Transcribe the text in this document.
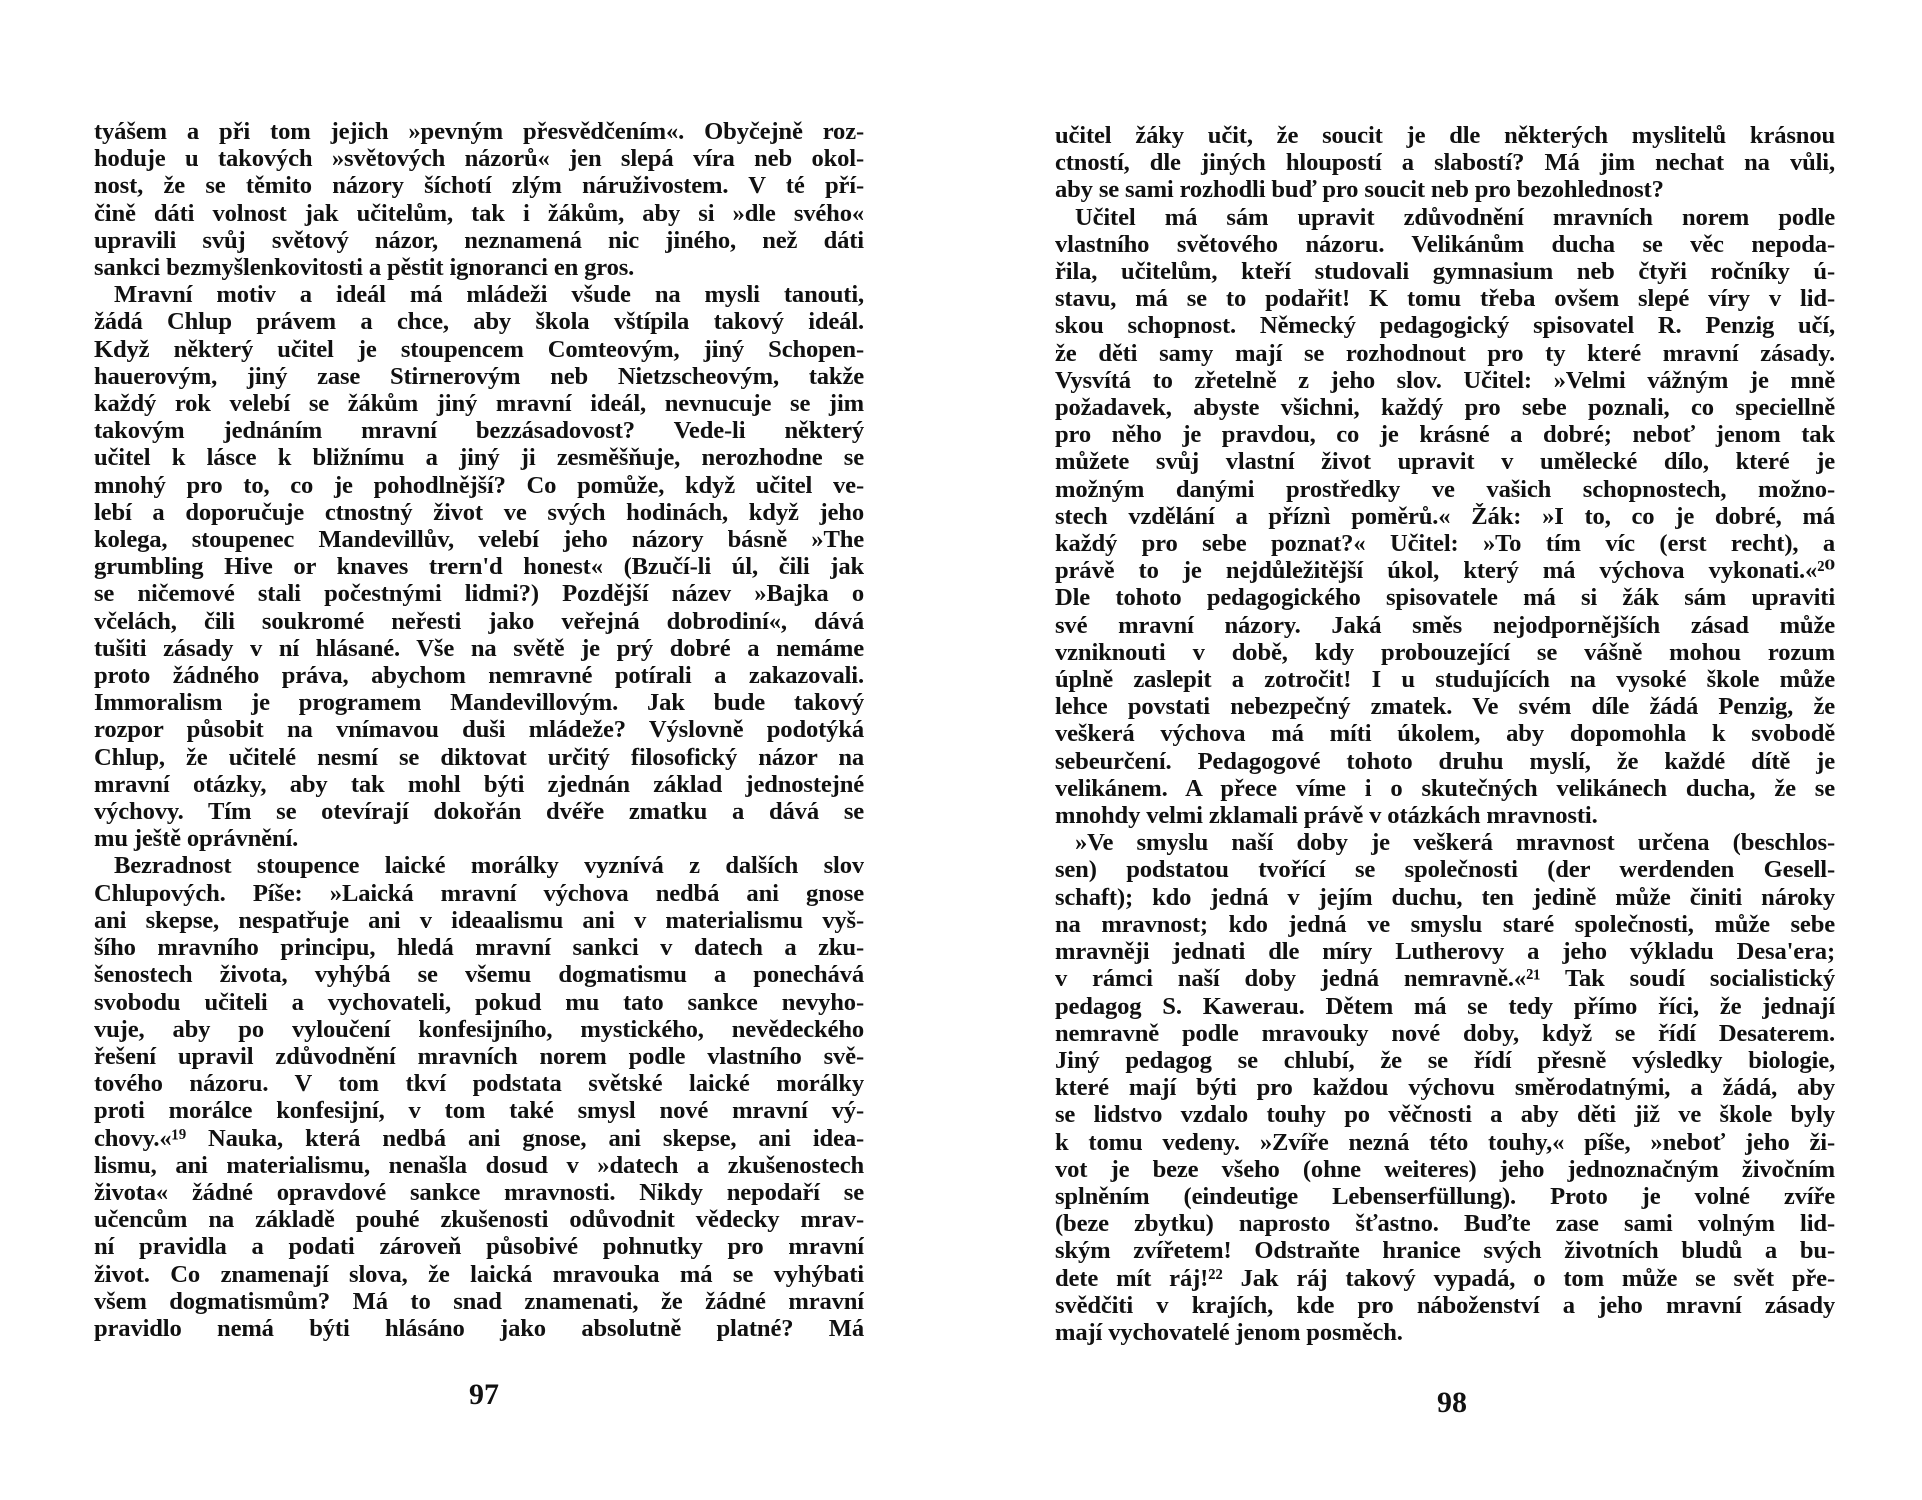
tyášem a při tom jejich »pevným přesvědčením«. Obyčejně roz-
hoduje u takových »světových názorů« jen slepá víra neb okol-
nost, že se těmito názory šíchotí zlým náruživostem. V té pří-
čině dáti volnost jak učitelům, tak i žákům, aby si »dle svého«
upravili svůj světový názor, neznamená nic jiného, než dáti
sankci bezmyšlenkovitosti a pěstit ignoranci en gros.
Mravní motiv a ideál má mládeži všude na mysli tanouti,
žádá Chlup právem a chce, aby škola vštípila takový ideál.
Když některý učitel je stoupencem Comteovým, jiný Schopen-
hauerovým, jiný zase Stirnerovým neb Nietzscheovým, takže
každý rok velebí se žákům jiný mravní ideál, nevnucuje se jim
takovým jednáním mravní bezzásadovost? Vede-li některý
učitel k lásce k bližnímu a jiný ji zesměšňuje, nerozhodne se
mnohý pro to, co je pohodlnější? Co pomůže, když učitel ve-
lebí a doporučuje ctnostný život ve svých hodinách, když jeho
kolega, stoupenec Mandevillův, velebí jeho názory básně »The
grumbling Hive or knaves trern'd honest« (Bzučí-li úl, čili jak
se ničemové stali počestnými lidmi?) Pozdější název »Bajka o
včelách, čili soukromé neřesti jako veřejná dobrodiní«, dává
tušiti zásady v ní hlásané. Vše na světě je prý dobré a nemáme
proto žádného práva, abychom nemravné potírali a zakazovali.
Immoralism je programem Mandevillovým. Jak bude takový
rozpor působit na vnímavou duši mládeže? Výslovně podotýká
Chlup, že učitelé nesmí se diktovat určitý filosofický názor na
mravní otázky, aby tak mohl býti zjednán základ jednostejné
výchovy. Tím se otevírají dokořán dvéře zmatku a dává se
mu ještě oprávnění.
Bezradnost stoupence laické morálky vyznívá z dalších slov
Chlupových. Píše: »Laická mravní výchova nedbá ani gnose
ani skepse, nespatřuje ani v ideaalismu ani v materialismu vyš-
šího mravního principu, hledá mravní sankci v datech a zku-
šenostech života, vyhýbá se všemu dogmatismu a ponechává
svobodu učiteli a vychovateli, pokud mu tato sankce nevyho-
vuje, aby po vyloučení konfesijního, mystického, nevědeckého
řešení upravil zdůvodnění mravních norem podle vlastního svě-
tového názoru. V tom tkví podstata světské laické morálky
proti morálce konfesijní, v tom také smysl nové mravní vý-
chovy.«¹⁹ Nauka, která nedbá ani gnose, ani skepse, ani idea-
lismu, ani materialismu, nenašla dosud v »datech a zkušenostech
života« žádné opravdové sankce mravnosti. Nikdy nepodaří se
učencům na základě pouhé zkušenosti odůvodnit vědecky mrav-
ní pravidla a podati zároveň působivé pohnutky pro mravní
život. Co znamenají slova, že laická mravouka má se vyhýbati
všem dogmatismům? Má to snad znamenati, že žádné mravní
pravidlo nemá býti hlásáno jako absolutně platné? Má
97
učitel žáky učit, že soucit je dle některých myslitelů krásnou
ctností, dle jiných hloupostí a slabostí? Má jim nechat na vůli,
aby se sami rozhodli buď pro soucit neb pro bezohlednost?
Učitel má sám upravit zdůvodnění mravních norem podle
vlastního světového názoru. Velikánům ducha se věc nepoda-
řila, učitelům, kteří studovali gymnasium neb čtyři ročníky ú-
stavu, má se to podařit! K tomu třeba ovšem slepé víry v lid-
skou schopnost. Německý pedagogický spisovatel R. Penzig učí,
že děti samy mají se rozhodnout pro ty které mravní zásady.
Vysvítá to zřetelně z jeho slov. Učitel: »Velmi vážným je mně
požadavek, abyste všichni, každý pro sebe poznali, co speciellně
pro něho je pravdou, co je krásné a dobré; neboť jenom tak
můžete svůj vlastní život upravit v umělecké dílo, které je
možným danými prostředky ve vašich schopnostech, možno-
stech vzdělání a příznì poměrů.« Žák: »I to, co je dobré, má
každý pro sebe poznat?« Učitel: »To tím víc (erst recht), a
právě to je nejdůležitější úkol, který má výchova vykonati.«²⁰
Dle tohoto pedagogického spisovatele má si žák sám upraviti
své mravní názory. Jaká směs nejodpornějších zásad může
vzniknouti v době, kdy probouzející se vášně mohou rozum
úplně zaslepit a zotročit! I u studujících na vysoké škole může
lehce povstati nebezpečný zmatek. Ve svém díle žádá Penzig, že
veškerá výchova má míti úkolem, aby dopomohla k svobodě
sebeurčení. Pedagogové tohoto druhu myslí, že každé dítě je
velikánem. A přece víme i o skutečných velikánech ducha, že se
mnohdy velmi zklamali právě v otázkách mravnosti.
»Ve smyslu naší doby je veškerá mravnost určena (beschlos-
sen) podstatou tvořící se společnosti (der werdenden Gesell-
schaft); kdo jedná v jejím duchu, ten jedině může činiti nároky
na mravnost; kdo jedná ve smyslu staré společnosti, může sebe
mravněji jednati dle míry Lutherovy a jeho výkladu Desa'era;
v rámci naší doby jedná nemravně.«²¹ Tak soudí socialistický
pedagog S. Kawerau. Dětem má se tedy přímo říci, že jednají
nemravně podle mravouky nové doby, když se řídí Desaterem.
Jiný pedagog se chlubí, že se řídí přesně výsledky biologie,
které mají býti pro každou výchovu směrodatnými, a žádá, aby
se lidstvo vzdalo touhy po věčnosti a aby děti již ve škole byly
k tomu vedeny. »Zvíře nezná této touhy,« píše, »neboť jeho ži-
vot je beze všeho (ohne weiteres) jeho jednoznačným živočním
splněním (eindeutige Lebenserfüllung). Proto je volné zvíře
(beze zbytku) naprosto šťastno. Buďte zase sami volným lid-
ským zvířetem! Odstraňte hranice svých životních bludů a bu-
dete mít ráj!²² Jak ráj takový vypadá, o tom může se svět pře-
svědčiti v krajích, kde pro náboženství a jeho mravní zásady
mají vychovatelé jenom posměch.
98
